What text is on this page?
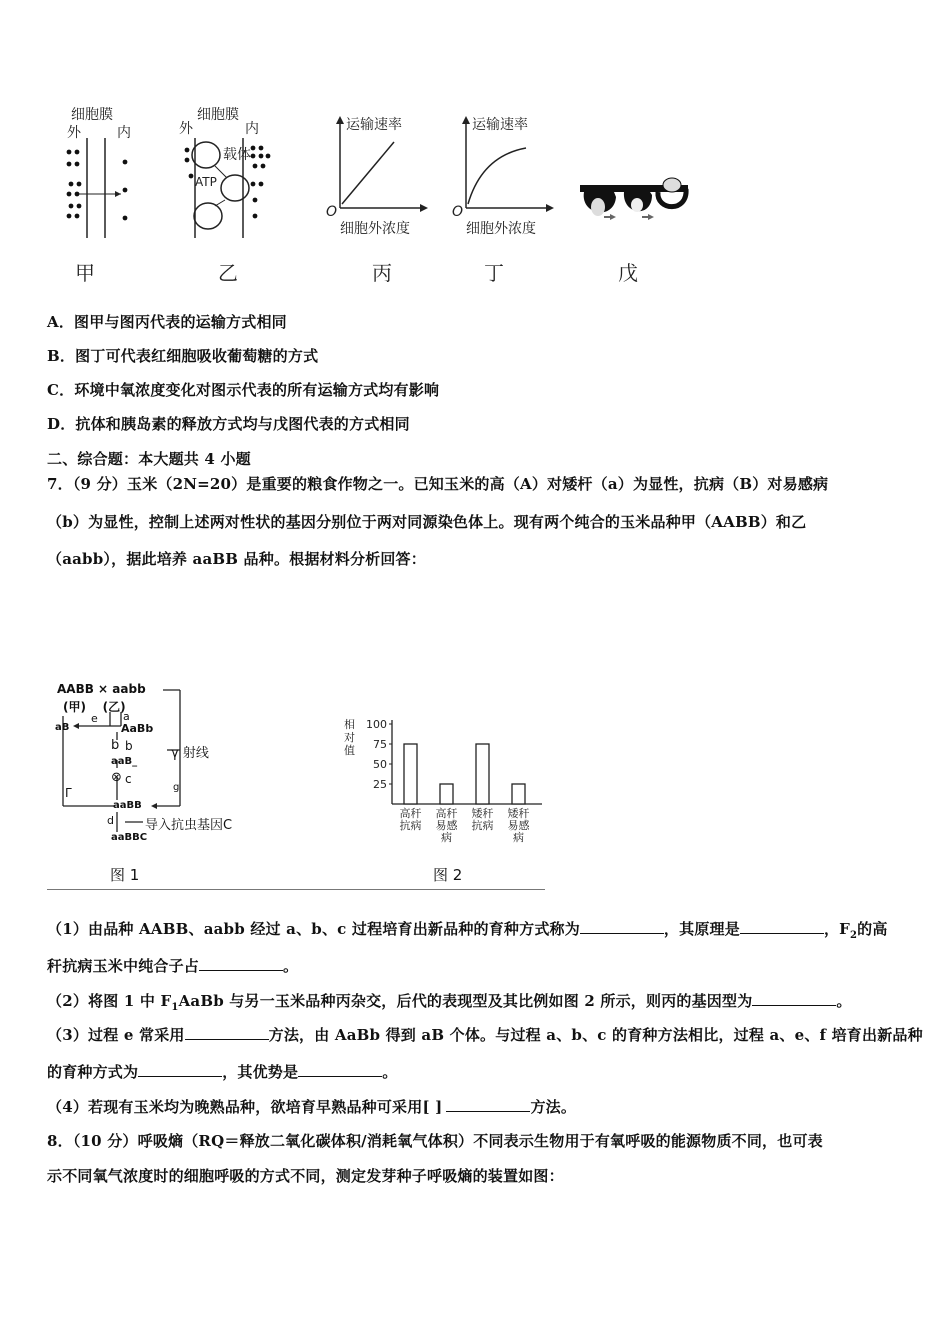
细胞膜
外	内
甲
细胞膜
外	内
载体
ATP
乙
运输速率
O
细胞外浓度
丙
运输速率
O
细胞外浓度
丁	戊
A．图甲与图丙代表的运输方式相同
B．图丁可代表红细胞吸收葡萄糖的方式
C．环境中氧浓度变化对图示代表的所有运输方式均有影响
D．抗体和胰岛素的释放方式均与戊图代表的方式相同
二、综合题：本大题共 4 小题
7．（9 分）玉米（2N=20）是重要的粮食作物之一。已知玉米的高（A）对矮杆（a）为显性，抗病（B）对易感病
（b）为显性，控制上述两对性状的基因分别位于两对同源染色体上。现有两个纯合的玉米品种甲（AABB）和乙
（aabb），据此培养 aaBB 品种。根据材料分析回答：
AABB × aabb
(甲)    (乙)
e a
aB	AaBb
b b
aaB_
⊗ c
Γ	g
aaBB
d
aaBBC
γ 射线
导入抗虫基因C
图 1
相
对
值
25
50
75
100
高秆
抗病
高秆
易感
病
矮秆
抗病
矮秆
易感
病
图 2
（1）由品种 AABB、aabb 经过 a、b、c 过程培育出新品种的育种方式称为	，其原理是	，$F_2$的高
秆抗病玉米中纯合子占	。
（2）将图 1 中 $F_1AaBb$ 与另一玉米品种丙杂交，后代的表现型及其比例如图 2 所示，则丙的基因型为	。
（3）过程 e 常采用	方法，由 AaBb 得到 aB 个体。与过程 a、b、c 的育种方法相比，过程 a、e、f 培育出新品种
的育种方式为	，其优势是	。
（4）若现有玉米均为晚熟品种，欲培育早熟品种可采用[ ]	方法。
8．（10 分）呼吸熵（RQ＝释放二氧化碳体积/消耗氧气体积）不同表示生物用于有氧呼吸的能源物质不同，也可表
示不同氧气浓度时的细胞呼吸的方式不同，测定发芽种子呼吸熵的装置如图：
